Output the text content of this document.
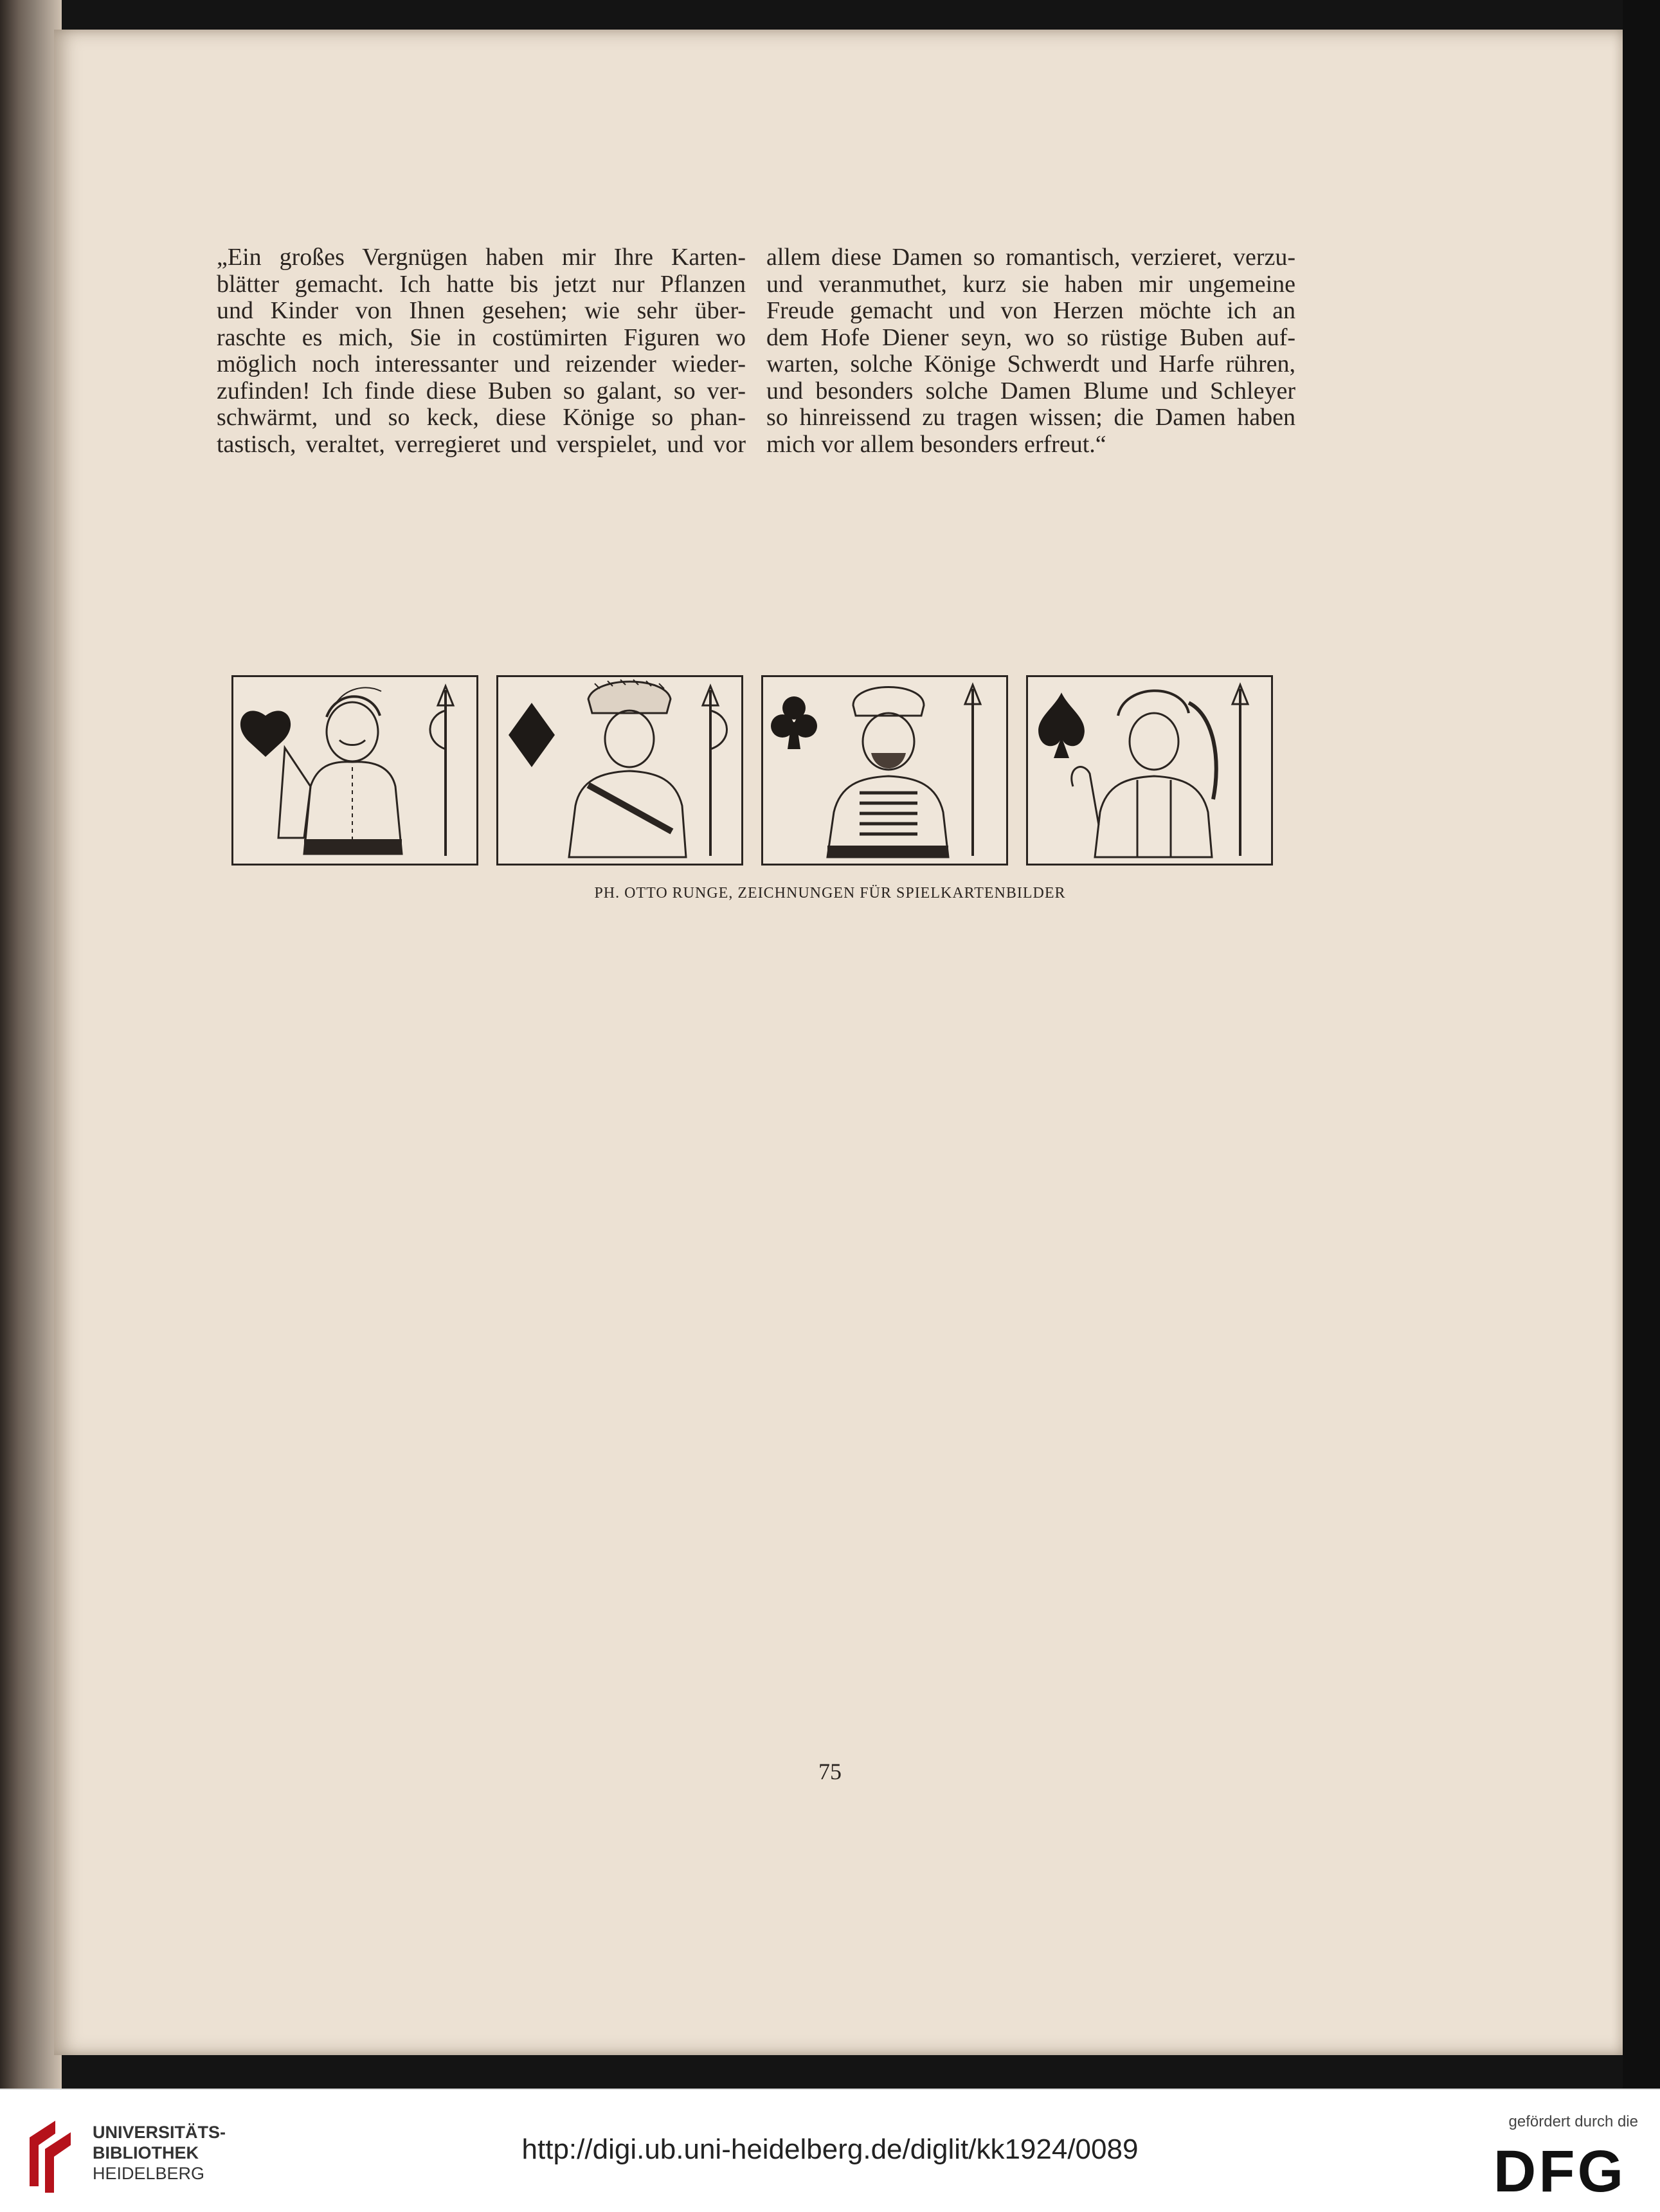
„Ein großes Vergnügen haben mir Ihre Karten-
blätter gemacht. Ich hatte bis jetzt nur Pflanzen
und Kinder von Ihnen gesehen; wie sehr über-
raschte es mich, Sie in costümirten Figuren wo
möglich noch interessanter und reizender wieder-
zufinden! Ich finde diese Buben so galant, so ver-
schwärmt, und so keck, diese Könige so phan-
tastisch, veraltet, verregieret und verspielet, und vor
allem diese Damen so romantisch, verzieret, verzu-
und veranmuthet, kurz sie haben mir ungemeine
Freude gemacht und von Herzen möchte ich an
dem Hofe Diener seyn, wo so rüstige Buben auf-
warten, solche Könige Schwerdt und Harfe rühren,
und besonders solche Damen Blume und Schleyer
so hinreissend zu tragen wissen; die Damen haben
mich vor allem besonders erfreut.“
PH. OTTO RUNGE, ZEICHNUNGEN FÜR SPIELKARTENBILDER
75
UNIVERSITÄTS-
BIBLIOTHEK
HEIDELBERG
http://digi.ub.uni-heidelberg.de/diglit/kk1924/0089
gefördert durch die
DFG
